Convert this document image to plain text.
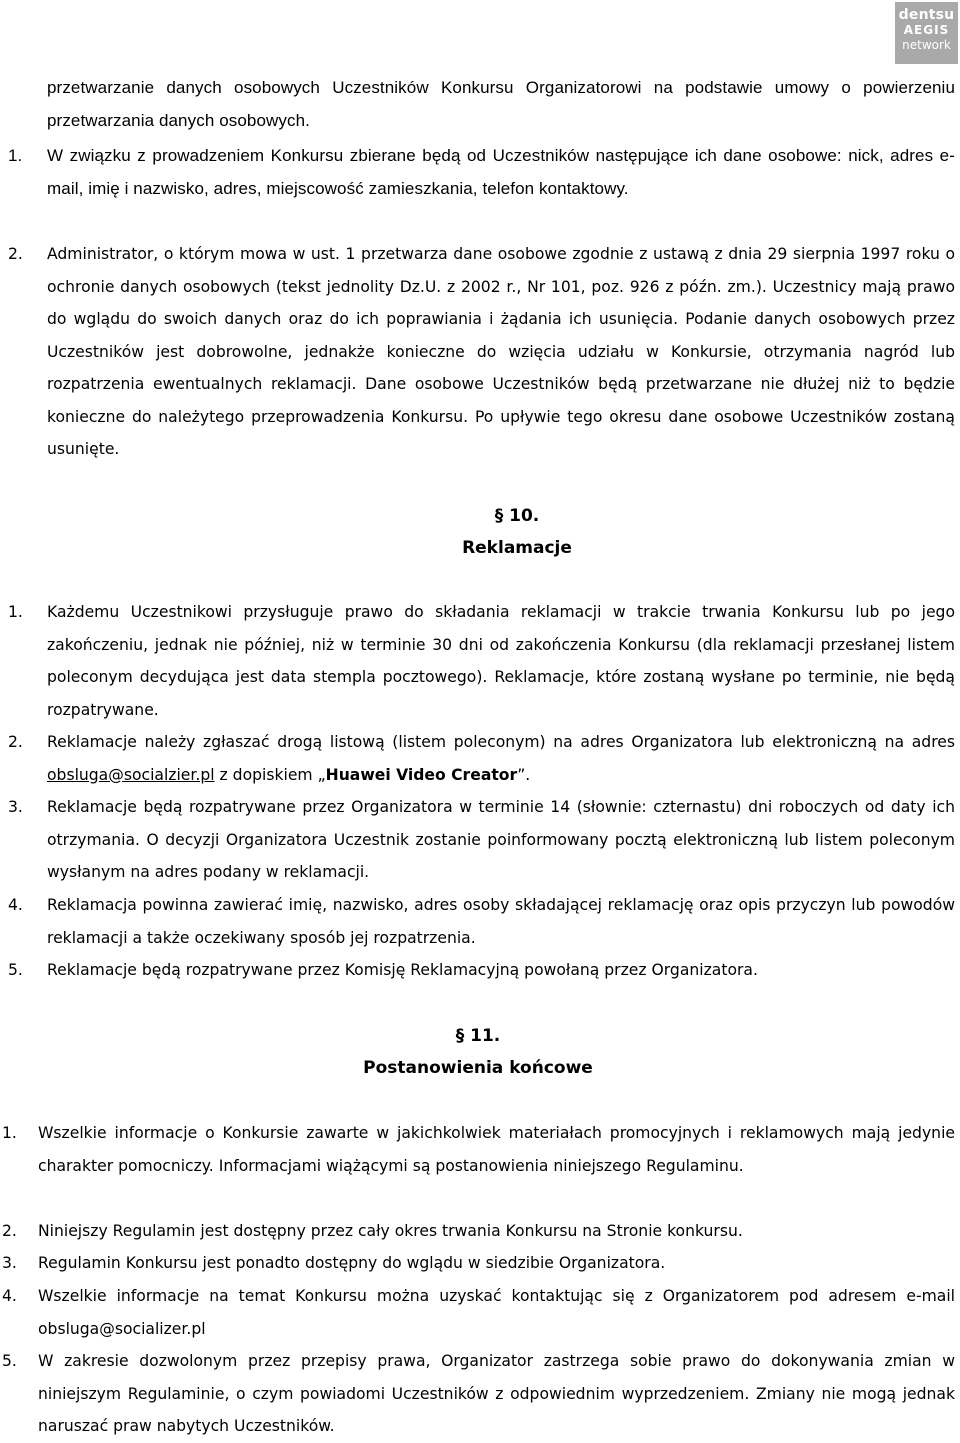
dentsu
AEGIS
network
przetwarzanie danych osobowych Uczestników Konkursu Organizatorowi na podstawie umowy o powierzeniu przetwarzania danych osobowych.
1. W związku z prowadzeniem Konkursu zbierane będą od Uczestników następujące ich dane osobowe: nick, adres e-mail, imię i nazwisko, adres, miejscowość zamieszkania, telefon kontaktowy.
2. Administrator, o którym mowa w ust. 1 przetwarza dane osobowe zgodnie z ustawą z dnia 29 sierpnia 1997 roku o ochronie danych osobowych (tekst jednolity Dz.U. z 2002 r., Nr 101, poz. 926 z późn. zm.). Uczestnicy mają prawo do wglądu do swoich danych oraz do ich poprawiania i żądania ich usunięcia. Podanie danych osobowych przez Uczestników jest dobrowolne, jednakże konieczne do wzięcia udziału w Konkursie, otrzymania nagród lub rozpatrzenia ewentualnych reklamacji. Dane osobowe Uczestników będą przetwarzane nie dłużej niż to będzie konieczne do należytego przeprowadzenia Konkursu. Po upływie tego okresu dane osobowe Uczestników zostaną usunięte.
§ 10.
Reklamacje
1. Każdemu Uczestnikowi przysługuje prawo do składania reklamacji w trakcie trwania Konkursu lub po jego zakończeniu, jednak nie później, niż w terminie 30 dni od zakończenia Konkursu (dla reklamacji przesłanej listem poleconym decydująca jest data stempla pocztowego). Reklamacje, które zostaną wysłane po terminie, nie będą rozpatrywane.
2. Reklamacje należy zgłaszać drogą listową (listem poleconym) na adres Organizatora lub elektroniczną na adres obsluga@socialzier.pl z dopiskiem „Huawei Video Creator”.
3. Reklamacje będą rozpatrywane przez Organizatora w terminie 14 (słownie: czternastu) dni roboczych od daty ich otrzymania. O decyzji Organizatora Uczestnik zostanie poinformowany pocztą elektroniczną lub listem poleconym wysłanym na adres podany w reklamacji.
4. Reklamacja powinna zawierać imię, nazwisko, adres osoby składającej reklamację oraz opis przyczyn lub powodów reklamacji a także oczekiwany sposób jej rozpatrzenia.
5. Reklamacje będą rozpatrywane przez Komisję Reklamacyjną powołaną przez Organizatora.
§ 11.
Postanowienia końcowe
1. Wszelkie informacje o Konkursie zawarte w jakichkolwiek materiałach promocyjnych i reklamowych mają jedynie charakter pomocniczy. Informacjami wiążącymi są postanowienia niniejszego Regulaminu.
2. Niniejszy Regulamin jest dostępny przez cały okres trwania Konkursu na Stronie konkursu.
3. Regulamin Konkursu jest ponadto dostępny do wglądu w siedzibie Organizatora.
4. Wszelkie informacje na temat Konkursu można uzyskać kontaktując się z Organizatorem pod adresem e-mail obsluga@socializer.pl
5. W zakresie dozwolonym przez przepisy prawa, Organizator zastrzega sobie prawo do dokonywania zmian w niniejszym Regulaminie, o czym powiadomi Uczestników z odpowiednim wyprzedzeniem. Zmiany nie mogą jednak naruszać praw nabytych Uczestników.
